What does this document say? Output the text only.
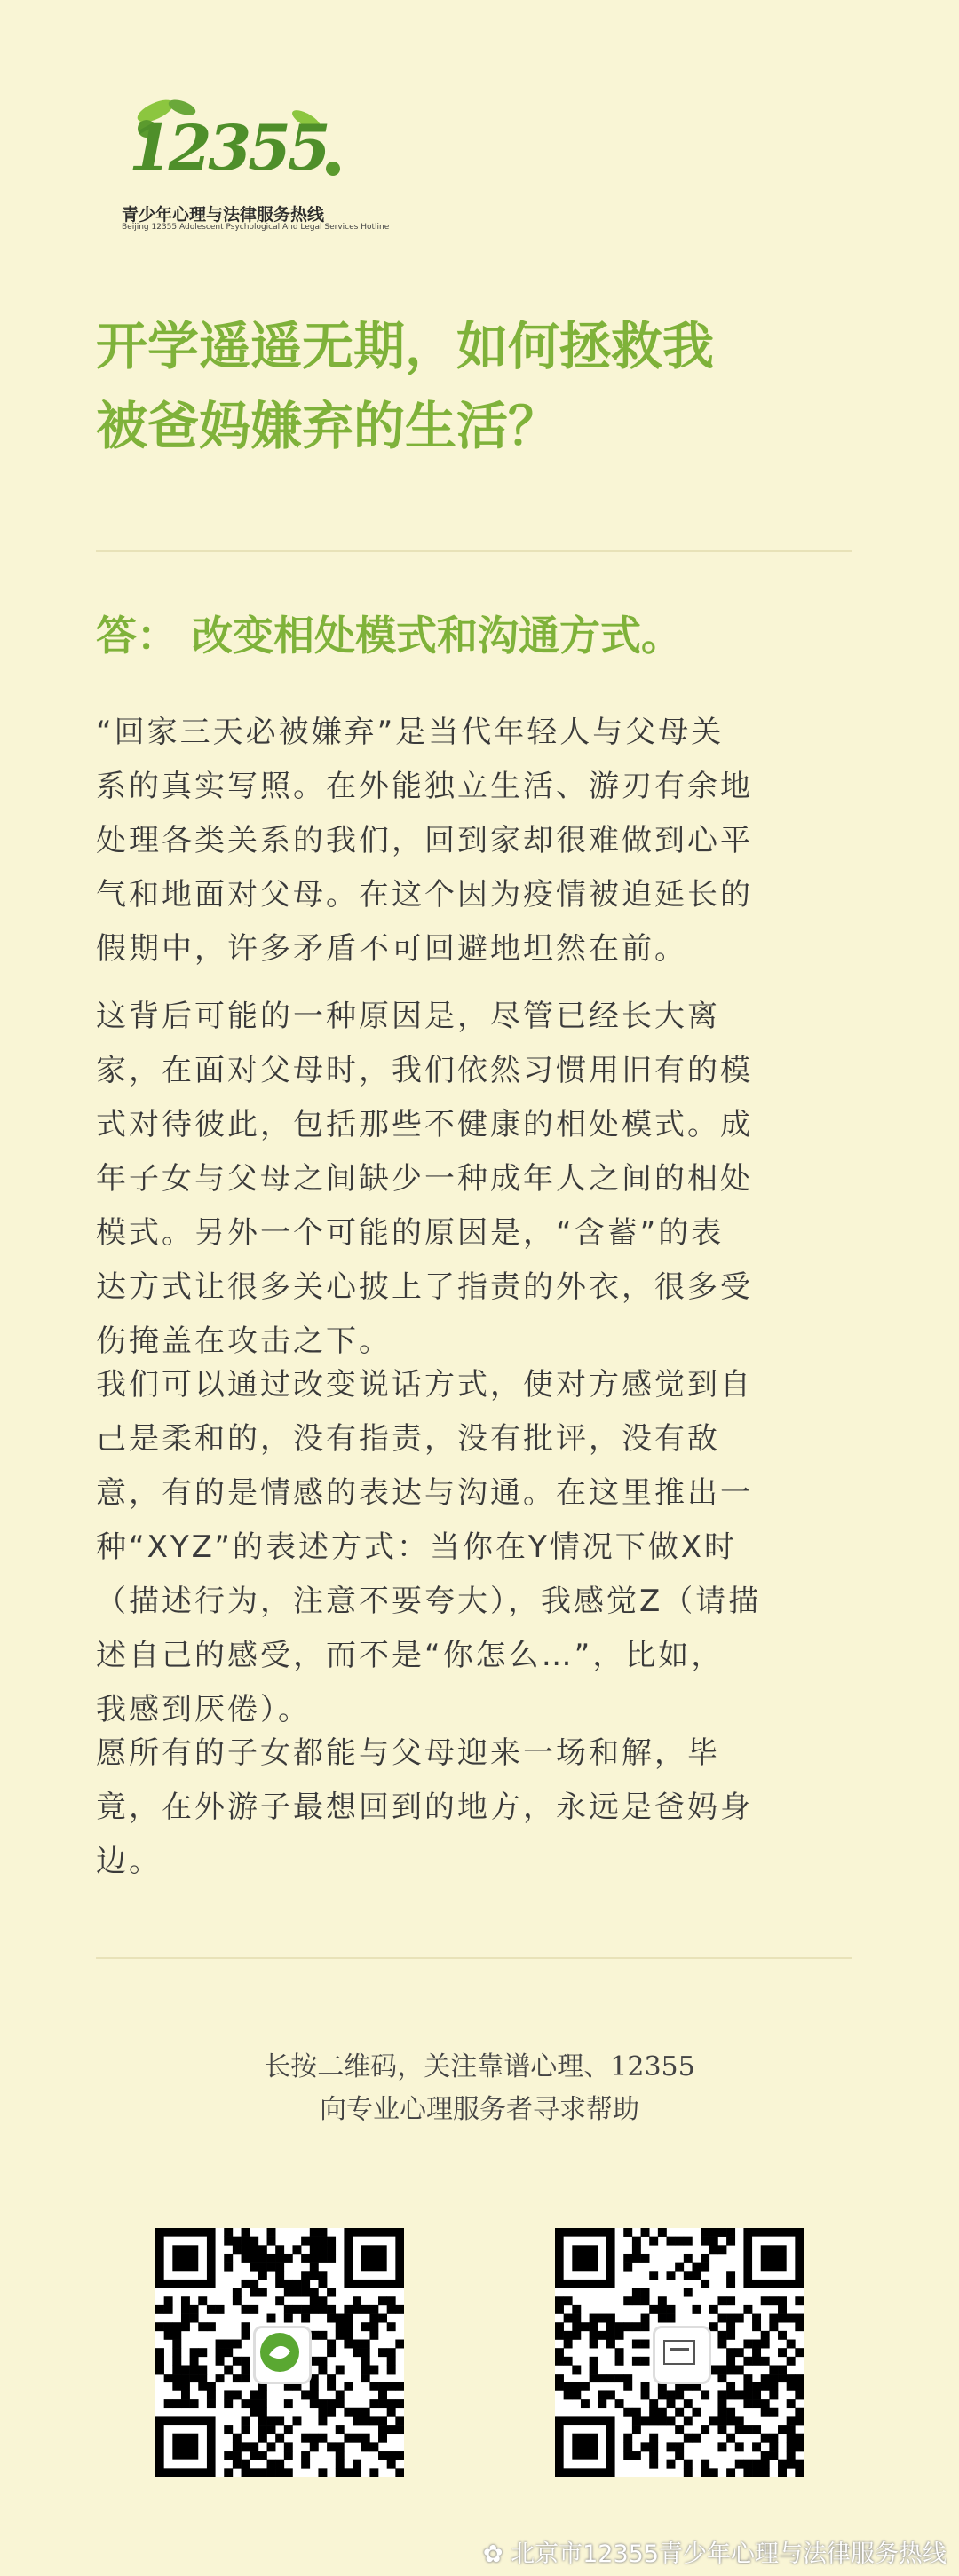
12355
青少年心理与法律服务热线
Beijing 12355 Adolescent Psychological And Legal Services Hotline
开学遥遥无期，如何拯救我
被爸妈嫌弃的生活？
答： 改变相处模式和沟通方式。
“回家三天必被嫌弃”是当代年轻人与父母关
系的真实写照。在外能独立生活、游刃有余地
处理各类关系的我们，回到家却很难做到心平
气和地面对父母。在这个因为疫情被迫延长的
假期中，许多矛盾不可回避地坦然在前。
这背后可能的一种原因是，尽管已经长大离
家，在面对父母时，我们依然习惯用旧有的模
式对待彼此，包括那些不健康的相处模式。成
年子女与父母之间缺少一种成年人之间的相处
模式。另外一个可能的原因是，“含蓄”的表
达方式让很多关心披上了指责的外衣，很多受
伤掩盖在攻击之下。
我们可以通过改变说话方式，使对方感觉到自
己是柔和的，没有指责，没有批评，没有敌
意，有的是情感的表达与沟通。在这里推出一
种“XYZ”的表述方式：当你在Y情况下做X时
（描述行为，注意不要夸大），我感觉Z（请描
述自己的感受，而不是“你怎么…”，比如，
我感到厌倦）。
愿所有的子女都能与父母迎来一场和解，毕
竟，在外游子最想回到的地方，永远是爸妈身
边。
长按二维码，关注靠谱心理、12355
向专业心理服务者寻求帮助
✿ 北京市12355青少年心理与法律服务热线
